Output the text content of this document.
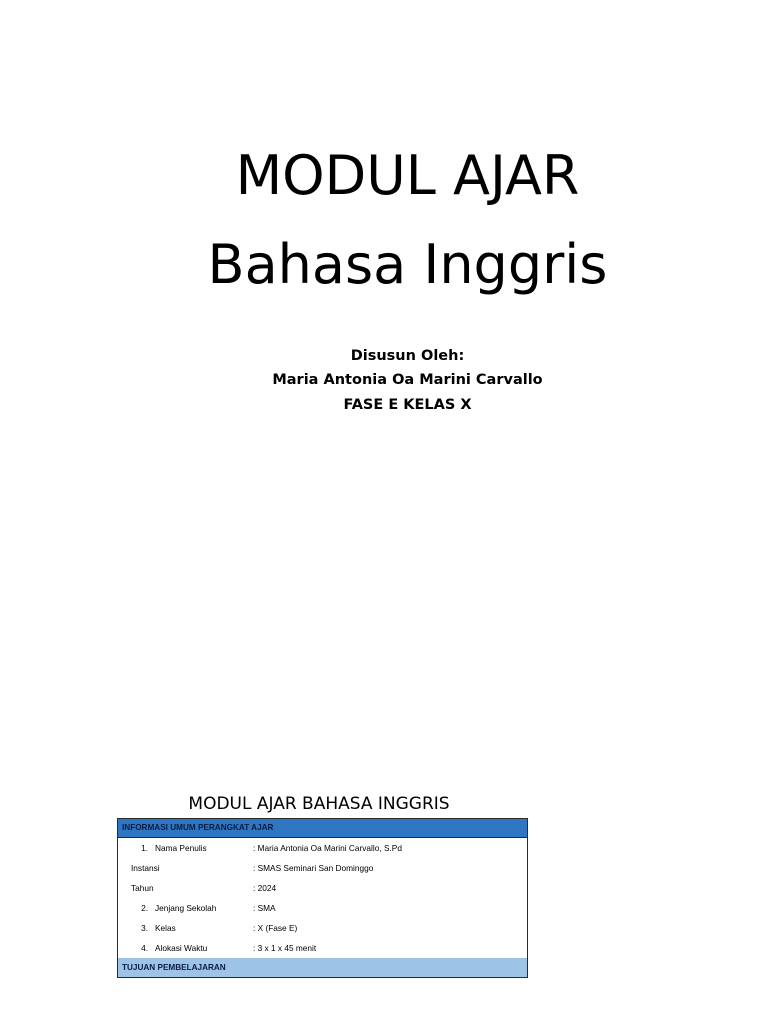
MODUL AJAR
Bahasa Inggris
Disusun Oleh:
Maria Antonia Oa Marini Carvallo
FASE E KELAS X
MODUL AJAR BAHASA INGGRIS
INFORMASI UMUM PERANGKAT AJAR
1. Nama Penulis	: Maria Antonia Oa Marini Carvallo, S.Pd
Instansi	: SMAS Seminari San Dominggo
Tahun	: 2024
2. Jenjang Sekolah	: SMA
3. Kelas	: X (Fase E)
4. Alokasi Waktu	: 3 x 1 x 45 menit
TUJUAN PEMBELAJARAN
